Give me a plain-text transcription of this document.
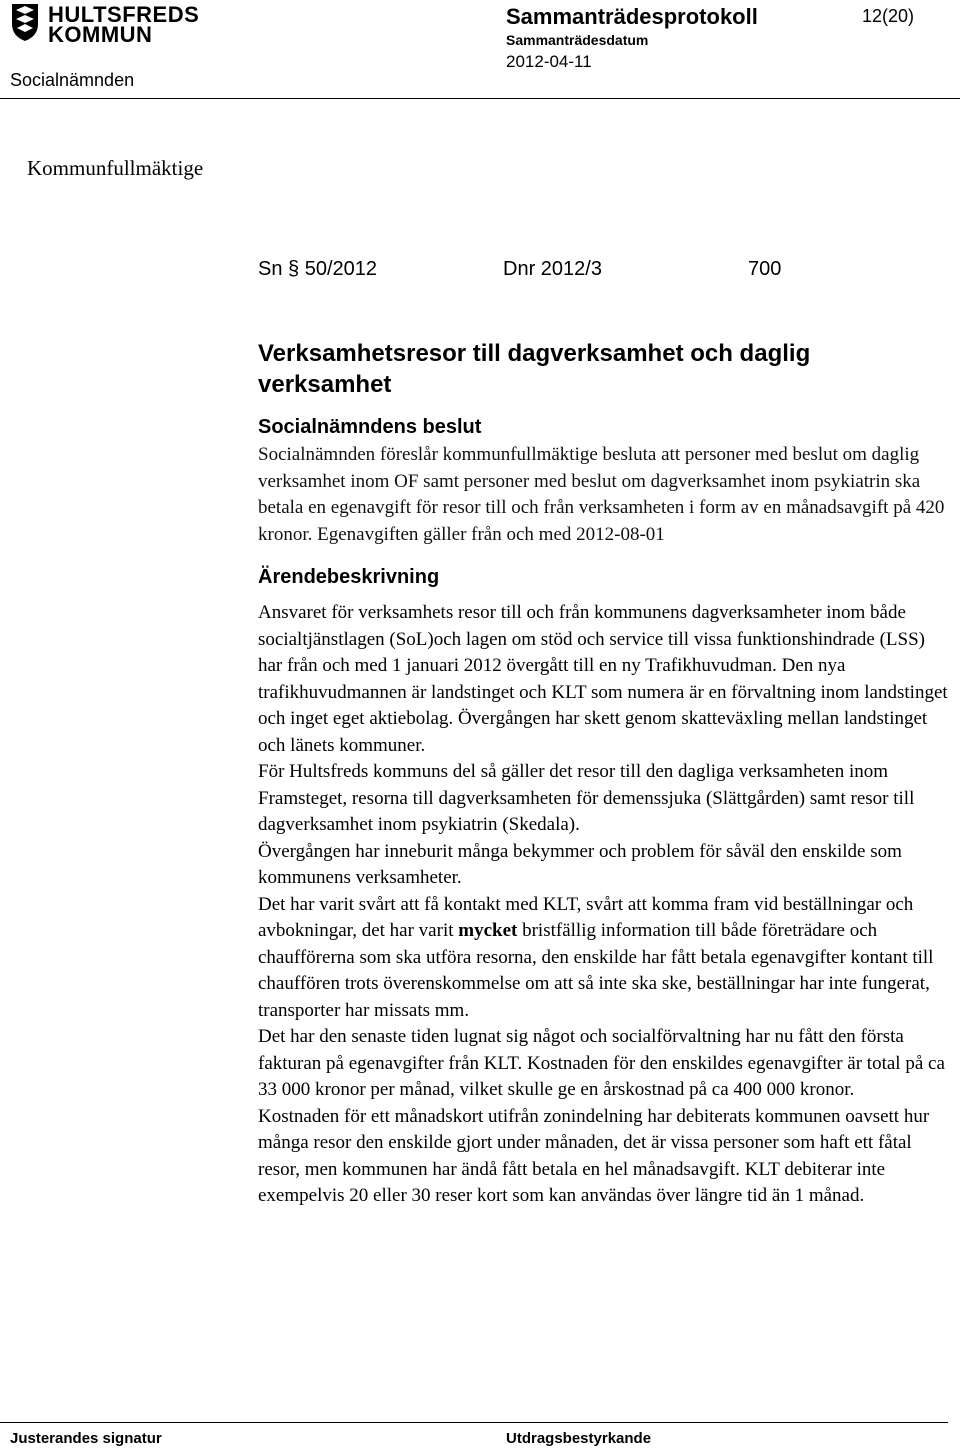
HULTSFREDS
KOMMUN
Socialnämnden
Sammanträdesprotokoll
Sammanträdesdatum
2012-04-11
12(20)
Kommunfullmäktige
Sn § 50/2012	Dnr 2012/3	700
Verksamhetsresor till dagverksamhet och daglig verksamhet
Socialnämndens beslut

Socialnämnden föreslår kommunfullmäktige besluta att personer med beslut om daglig verksamhet inom OF samt personer med beslut om dagverksamhet inom psykiatrin ska betala en egenavgift för resor till och från verksamheten i form av en månadsavgift på 420 kronor. Egenavgiften gäller från och med 2012-08-01

Ärendebeskrivning

Ansvaret för verksamhets resor till och från kommunens dagverksamheter inom både socialtjänstlagen (SoL)och lagen om stöd och service till vissa funktionshindrade (LSS) har från och med 1 januari 2012 övergått till en ny Trafikhuvudman. Den nya trafikhuvudmannen är landstinget och KLT som numera är en förvaltning inom landstinget och inget eget aktiebolag. Övergången har skett genom skatteväxling mellan landstinget och länets kommuner.

För Hultsfreds kommuns del så gäller det resor till den dagliga verksamheten inom Framsteget, resorna till dagverksamheten för demenssjuka (Slättgården) samt resor till dagverksamhet inom psykiatrin (Skedala).

Övergången har inneburit många bekymmer och problem för såväl den enskilde som kommunens verksamheter.

Det har varit svårt att få kontakt med KLT, svårt att komma fram vid beställningar och avbokningar, det har varit mycket bristfällig information till både företrädare och chaufförerna som ska utföra resorna, den enskilde har fått betala egenavgifter kontant till chauffören trots överenskommelse om att så inte ska ske, beställningar har inte fungerat, transporter har missats mm.

Det har den senaste tiden lugnat sig något och socialförvaltning har nu fått den första fakturan på egenavgifter från KLT. Kostnaden för den enskildes egenavgifter är total på ca 33 000 kronor per månad, vilket skulle ge en årskostnad på ca 400 000 kronor.

Kostnaden för ett månadskort utifrån zonindelning har debiterats kommunen oavsett hur många resor den enskilde gjort under månaden, det är vissa personer som haft ett fåtal resor, men kommunen har ändå fått betala en hel månadsavgift. KLT debiterar inte exempelvis 20 eller 30 reser kort som kan användas över längre tid än 1 månad.

Justerandes signatur	Utdragsbestyrkande
